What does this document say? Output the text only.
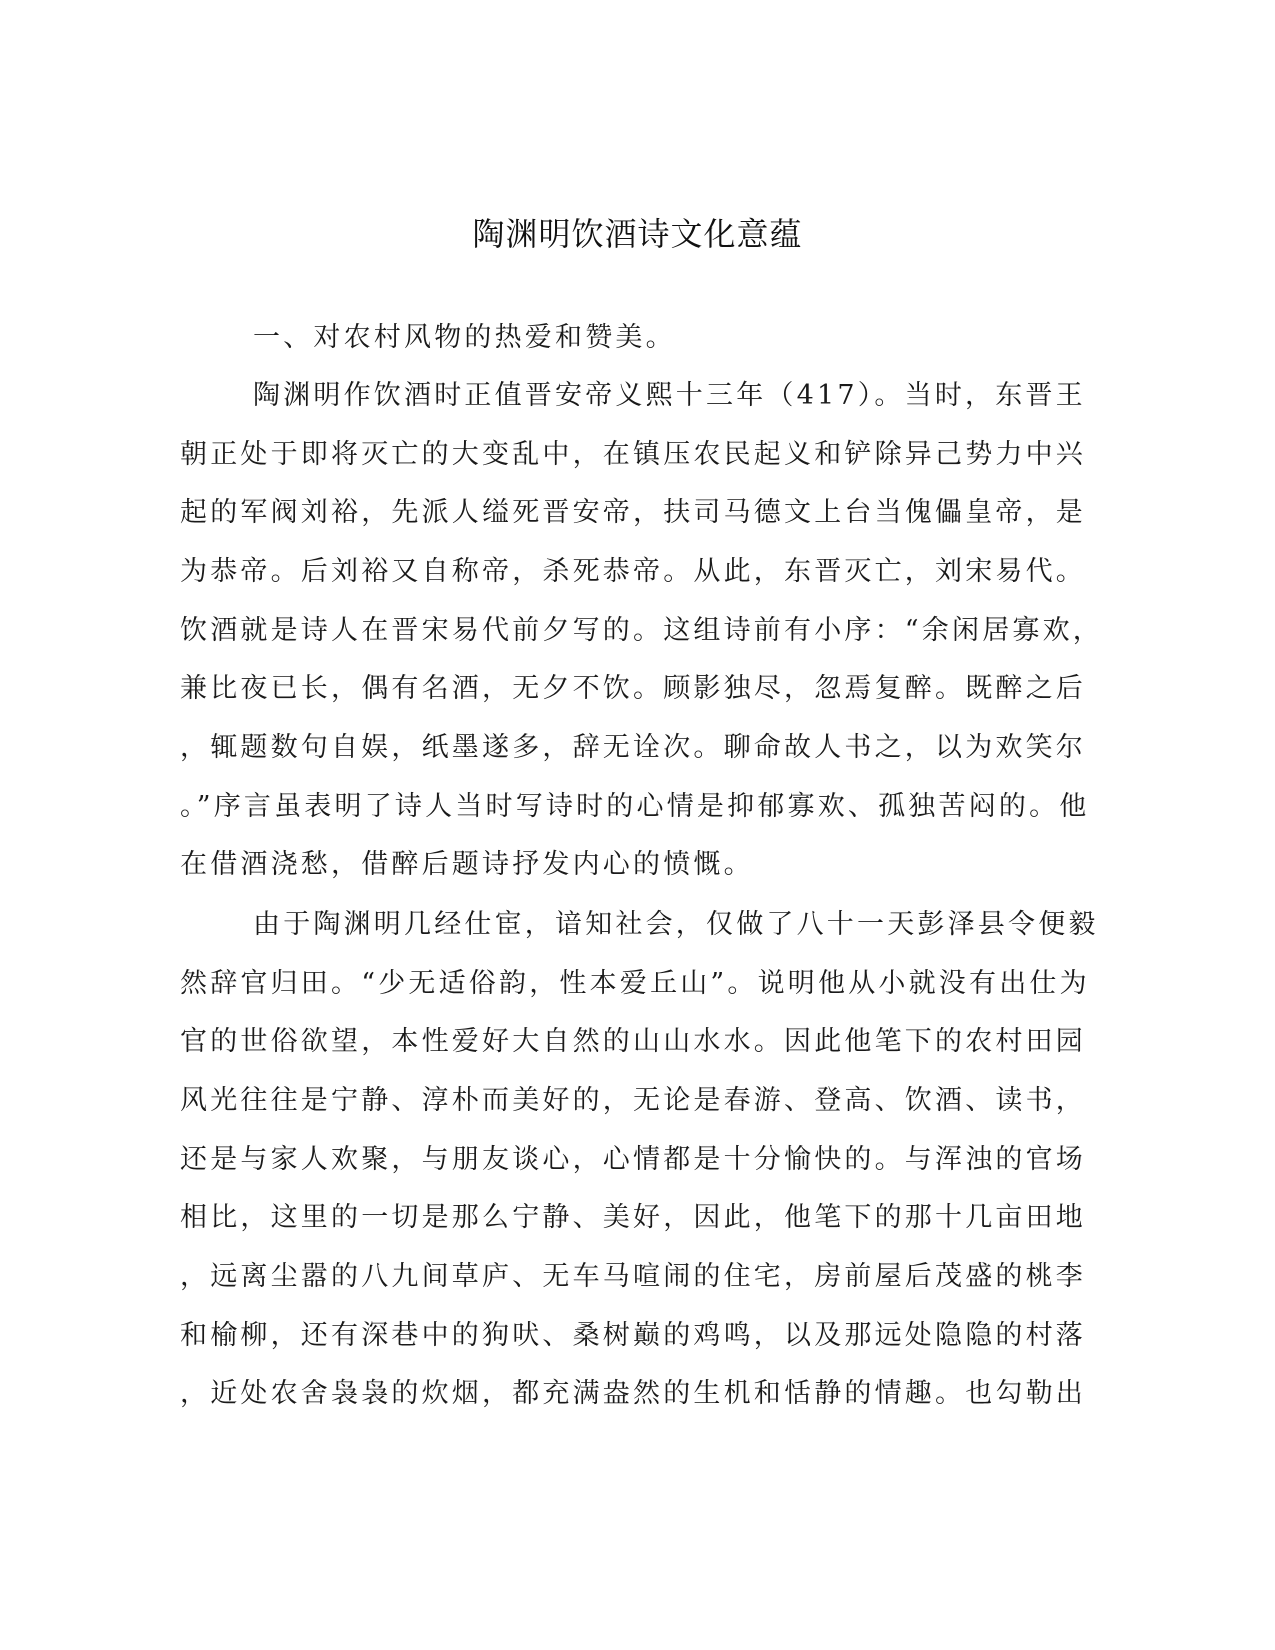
陶渊明饮酒诗文化意蕴
一、对农村风物的热爱和赞美。
陶渊明作饮酒时正值晋安帝义熙十三年（417）。当时，东晋王
朝正处于即将灭亡的大变乱中，在镇压农民起义和铲除异己势力中兴
起的军阀刘裕，先派人缢死晋安帝，扶司马德文上台当傀儡皇帝，是
为恭帝。后刘裕又自称帝，杀死恭帝。从此，东晋灭亡，刘宋易代。
饮酒就是诗人在晋宋易代前夕写的。这组诗前有小序：“余闲居寡欢，
兼比夜已长，偶有名酒，无夕不饮。顾影独尽，忽焉复醉。既醉之后
，辄题数句自娱，纸墨遂多，辞无诠次。聊命故人书之，以为欢笑尔
。”序言虽表明了诗人当时写诗时的心情是抑郁寡欢、孤独苦闷的。他
在借酒浇愁，借醉后题诗抒发内心的愤慨。
由于陶渊明几经仕宦，谙知社会，仅做了八十一天彭泽县令便毅
然辞官归田。“少无适俗韵，性本爱丘山”。说明他从小就没有出仕为
官的世俗欲望，本性爱好大自然的山山水水。因此他笔下的农村田园
风光往往是宁静、淳朴而美好的，无论是春游、登高、饮酒、读书，
还是与家人欢聚，与朋友谈心，心情都是十分愉快的。与浑浊的官场
相比，这里的一切是那么宁静、美好，因此，他笔下的那十几亩田地
，远离尘嚣的八九间草庐、无车马喧闹的住宅，房前屋后茂盛的桃李
和榆柳，还有深巷中的狗吠、桑树巅的鸡鸣，以及那远处隐隐的村落
，近处农舍袅袅的炊烟，都充满盎然的生机和恬静的情趣。也勾勒出
